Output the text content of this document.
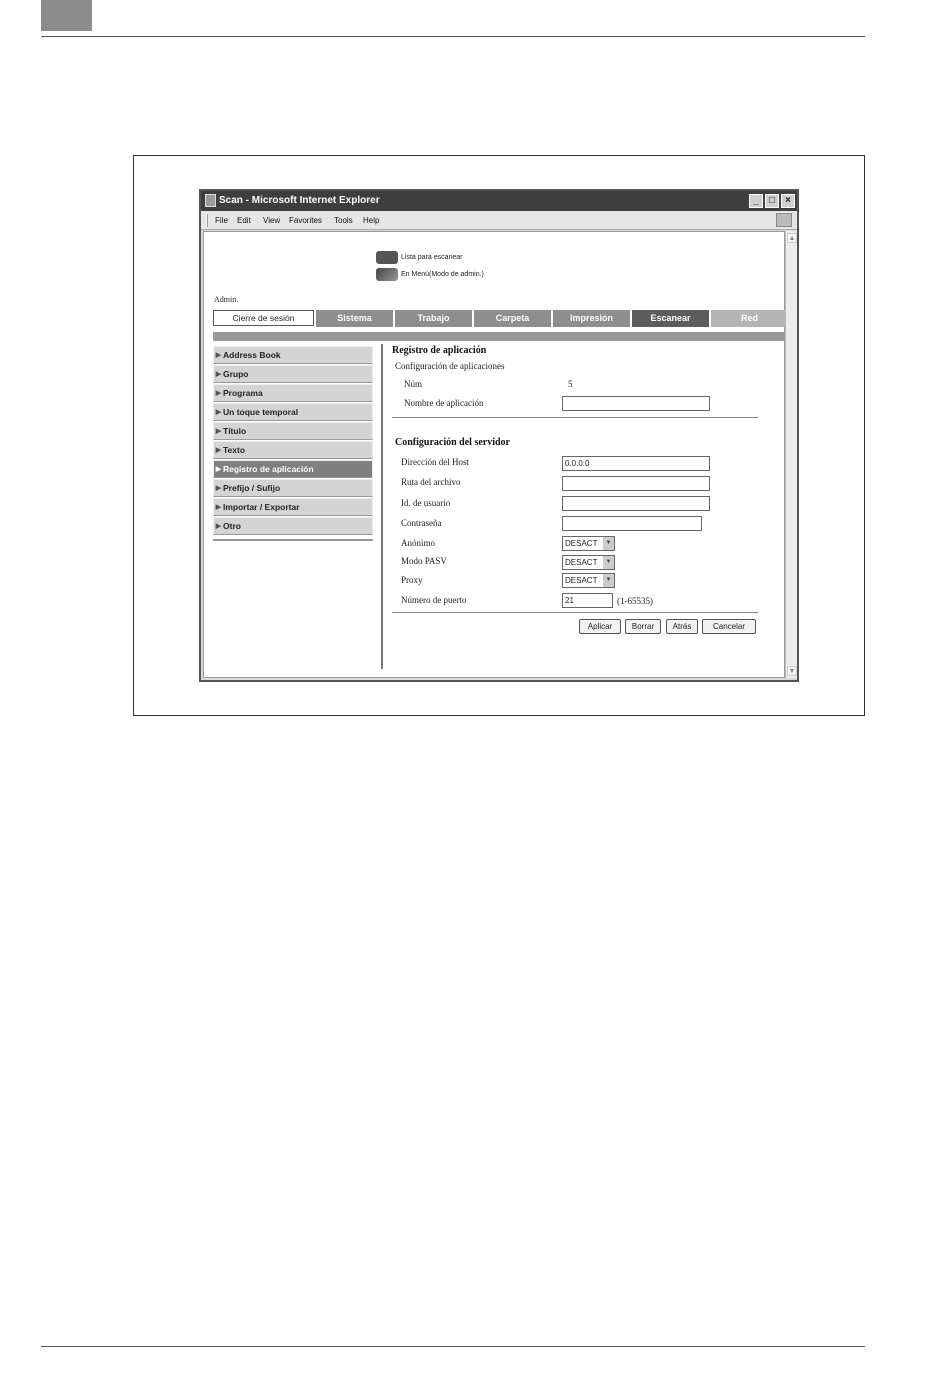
Scan - Microsoft Internet Explorer	_	□	×
File Edit View Favorites Tools Help
Lista para escanear
En Menú(Modo de admin.)
Admin.
Cierre de sesión	Sistema	Trabajo	Carpeta	Impresión	Escanear	Red
▶ Address Book
▶ Grupo
▶ Programa
▶ Un toque temporal
▶ Título
▶ Texto
▶ Registro de aplicación
▶ Prefijo / Sufijo
▶ Importar / Exportar
▶ Otro
Registro de aplicación
Configuración de aplicaciones
Núm	5
Nombre de aplicación
Configuración del servidor
Dirección del Host	0.0.0.0
Ruta del archivo
Id. de usuario
Contraseña
Anónimo	DESACT	▼
Modo PASV	DESACT	▼
Proxy	DESACT	▼
Número de puerto	21	(1-65535)
Aplicar	Borrar	Atrás	Cancelar
▲
▼
